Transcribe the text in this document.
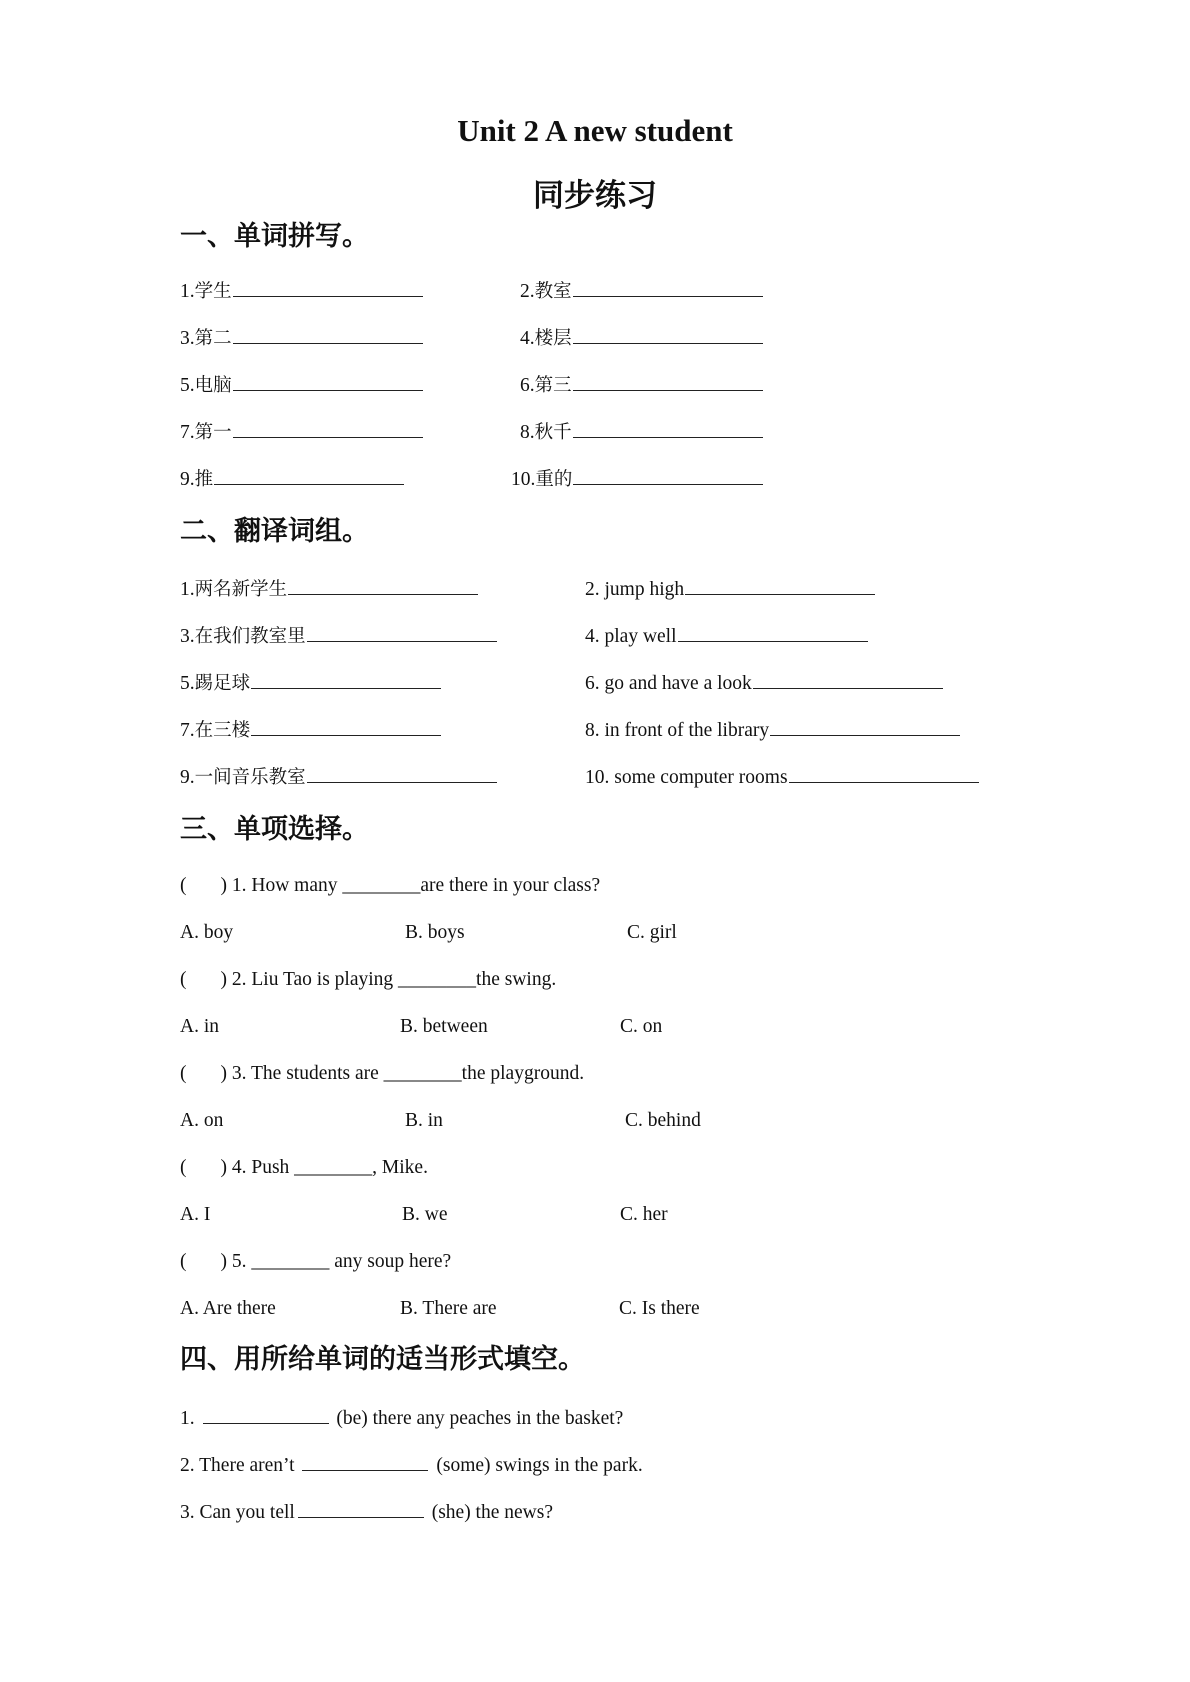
Unit 2 A new student
同步练习
一、单词拼写。
1.学生	2.教室
3.第二	4.楼层
5.电脑	6.第三
7.第一	8.秋千
9.推	10.重的
二、翻译词组。
1.两名新学生	2. jump high
3.在我们教室里	4. play well
5.踢足球	6. go and have a look
7.在三楼	8. in front of the library
9.一间音乐教室	10. some computer rooms
三、单项选择。
( ) 1. How many ________are there in your class?
A. boy	B. boys	C. girl
( ) 2. Liu Tao is playing ________the swing.
A. in	B. between	C. on
( ) 3. The students are ________the playground.
A. on	B. in	C. behind
( ) 4. Push ________, Mike.
A. I	B. we	C. her
( ) 5. ________ any soup here?
A. Are there	B. There are	C. Is there
四、用所给单词的适当形式填空。
1.	(be) there any peaches in the basket?
2. There aren’t	(some) swings in the park.
3. Can you tell	(she) the news?
